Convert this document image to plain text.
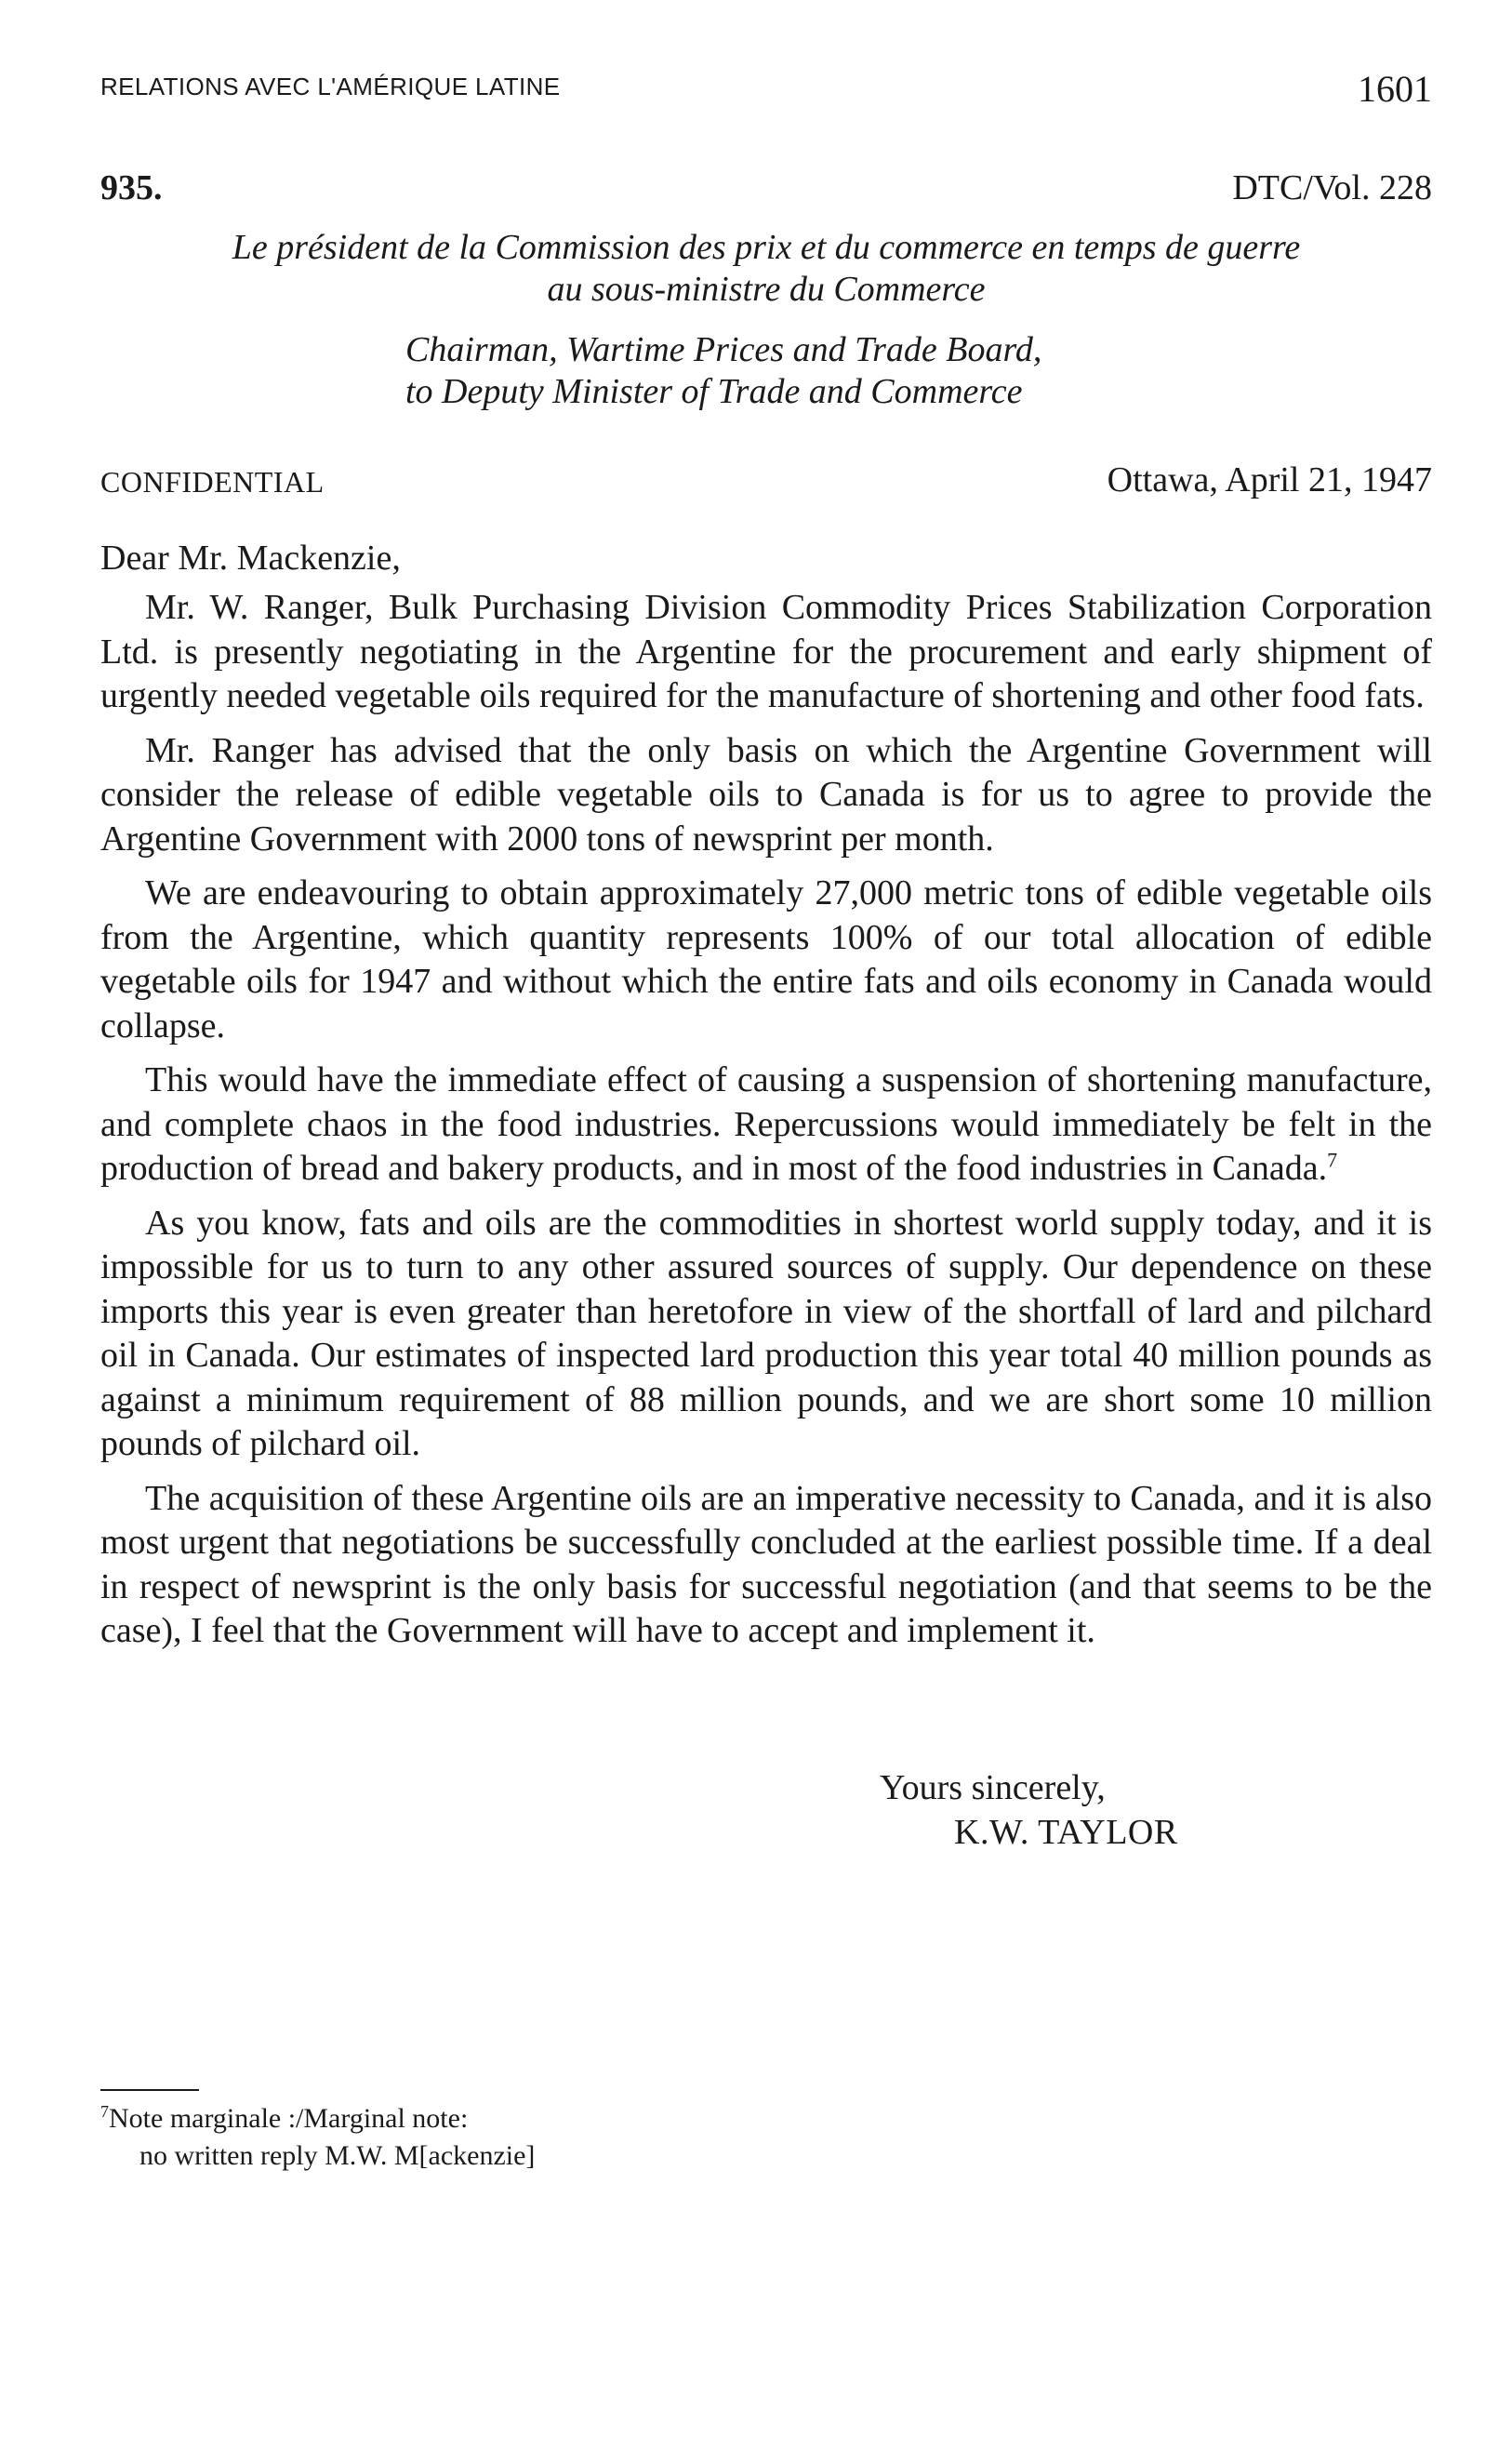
RELATIONS AVEC L'AMÉRIQUE LATINE	1601
935.	DTC/Vol. 228
Le président de la Commission des prix et du commerce en temps de guerre
au sous-ministre du Commerce
Chairman, Wartime Prices and Trade Board,
to Deputy Minister of Trade and Commerce
CONFIDENTIAL	Ottawa, April 21, 1947
Dear Mr. Mackenzie,

Mr. W. Ranger, Bulk Purchasing Division Commodity Prices Stabilization Corporation Ltd. is presently negotiating in the Argentine for the procurement and early shipment of urgently needed vegetable oils required for the manufacture of shortening and other food fats.

Mr. Ranger has advised that the only basis on which the Argentine Government will consider the release of edible vegetable oils to Canada is for us to agree to provide the Argentine Government with 2000 tons of newsprint per month.

We are endeavouring to obtain approximately 27,000 metric tons of edible vegetable oils from the Argentine, which quantity represents 100% of our total allocation of edible vegetable oils for 1947 and without which the entire fats and oils economy in Canada would collapse.

This would have the immediate effect of causing a suspension of shortening manufacture, and complete chaos in the food industries. Repercussions would immediately be felt in the production of bread and bakery products, and in most of the food industries in Canada.$^7$

As you know, fats and oils are the commodities in shortest world supply today, and it is impossible for us to turn to any other assured sources of supply. Our dependence on these imports this year is even greater than heretofore in view of the shortfall of lard and pilchard oil in Canada. Our estimates of inspected lard production this year total 40 million pounds as against a minimum requirement of 88 million pounds, and we are short some 10 million pounds of pilchard oil.

The acquisition of these Argentine oils are an imperative necessity to Canada, and it is also most urgent that negotiations be successfully concluded at the earliest possible time. If a deal in respect of newsprint is the only basis for successful negotiation (and that seems to be the case), I feel that the Government will have to accept and implement it.

Yours sincerely,
K.W. TAYLOR
$^7$Note marginale :/Marginal note:
no written reply M.W. M[ackenzie]
